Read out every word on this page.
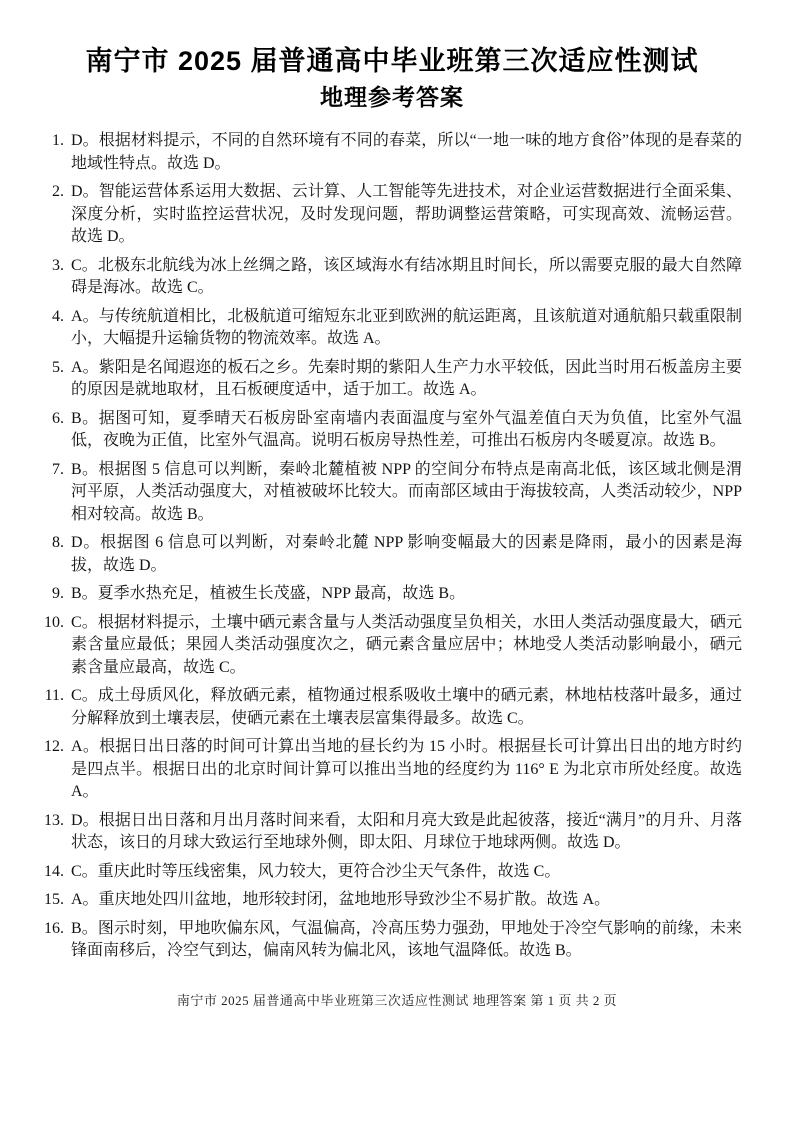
南宁市 2025 届普通高中毕业班第三次适应性测试
地理参考答案
1. D。根据材料提示，不同的自然环境有不同的春菜，所以“一地一味的地方食俗”体现的是春菜的地域性特点。故选 D。
2. D。智能运营体系运用大数据、云计算、人工智能等先进技术，对企业运营数据进行全面采集、深度分析，实时监控运营状况，及时发现问题，帮助调整运营策略，可实现高效、流畅运营。故选 D。
3. C。北极东北航线为冰上丝绸之路，该区域海水有结冰期且时间长，所以需要克服的最大自然障碍是海冰。故选 C。
4. A。与传统航道相比，北极航道可缩短东北亚到欧洲的航运距离，且该航道对通航船只载重限制小，大幅提升运输货物的物流效率。故选 A。
5. A。紫阳是名闻遐迩的板石之乡。先秦时期的紫阳人生产力水平较低，因此当时用石板盖房主要的原因是就地取材，且石板硬度适中，适于加工。故选 A。
6. B。据图可知，夏季晴天石板房卧室南墙内表面温度与室外气温差值白天为负值，比室外气温低，夜晚为正值，比室外气温高。说明石板房导热性差，可推出石板房内冬暖夏凉。故选 B。
7. B。根据图 5 信息可以判断，秦岭北麓植被 NPP 的空间分布特点是南高北低，该区域北侧是渭河平原，人类活动强度大，对植被破坏比较大。而南部区域由于海拔较高，人类活动较少，NPP 相对较高。故选 B。
8. D。根据图 6 信息可以判断，对秦岭北麓 NPP 影响变幅最大的因素是降雨，最小的因素是海拔，故选 D。
9. B。夏季水热充足，植被生长茂盛，NPP 最高，故选 B。
10. C。根据材料提示，土壤中硒元素含量与人类活动强度呈负相关，水田人类活动强度最大，硒元素含量应最低；果园人类活动强度次之，硒元素含量应居中；林地受人类活动影响最小，硒元素含量应最高，故选 C。
11. C。成土母质风化，释放硒元素，植物通过根系吸收土壤中的硒元素，林地枯枝落叶最多，通过分解释放到土壤表层，使硒元素在土壤表层富集得最多。故选 C。
12. A。根据日出日落的时间可计算出当地的昼长约为 15 小时。根据昼长可计算出日出的地方时约是四点半。根据日出的北京时间计算可以推出当地的经度约为 116° E 为北京市所处经度。故选 A。
13. D。根据日出日落和月出月落时间来看，太阳和月亮大致是此起彼落，接近“满月”的月升、月落状态，该日的月球大致运行至地球外侧，即太阳、月球位于地球两侧。故选 D。
14. C。重庆此时等压线密集，风力较大，更符合沙尘天气条件，故选 C。
15. A。重庆地处四川盆地，地形较封闭，盆地地形导致沙尘不易扩散。故选 A。
16. B。图示时刻，甲地吹偏东风，气温偏高，冷高压势力强劲，甲地处于冷空气影响的前缘，未来锋面南移后，冷空气到达，偏南风转为偏北风，该地气温降低。故选 B。
南宁市 2025 届普通高中毕业班第三次适应性测试 地理答案 第 1 页 共 2 页
